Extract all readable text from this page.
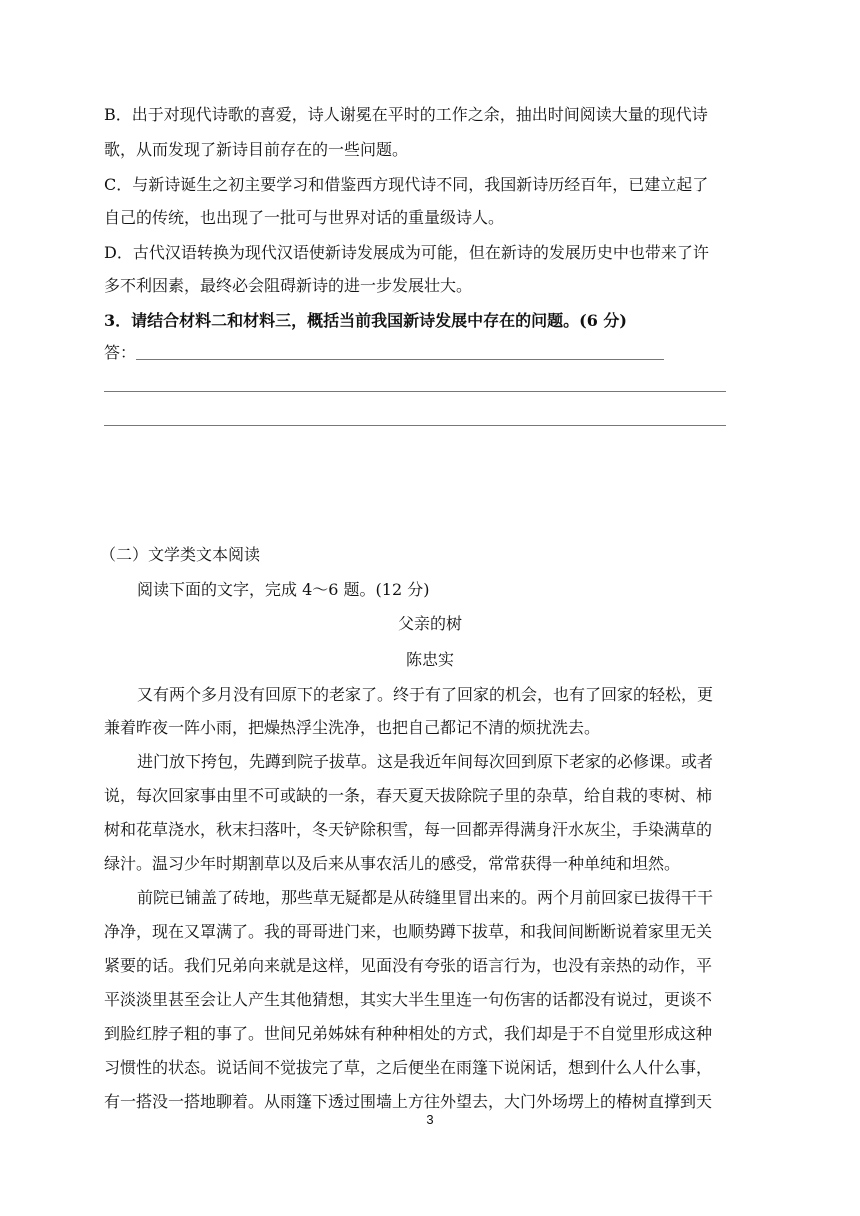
B．出于对现代诗歌的喜爱，诗人谢冕在平时的工作之余，抽出时间阅读大量的现代诗
歌，从而发现了新诗目前存在的一些问题。
C．与新诗诞生之初主要学习和借鉴西方现代诗不同，我国新诗历经百年，已建立起了
自己的传统，也出现了一批可与世界对话的重量级诗人。
D．古代汉语转换为现代汉语使新诗发展成为可能，但在新诗的发展历史中也带来了许
多不利因素，最终必会阻碍新诗的进一步发展壮大。
3．请结合材料二和材料三，概括当前我国新诗发展中存在的问题。(6 分)
答：
（二）文学类文本阅读
阅读下面的文字，完成 4～6 题。(12 分)
父亲的树
陈忠实
又有两个多月没有回原下的老家了。终于有了回家的机会，也有了回家的轻松，更
兼着昨夜一阵小雨，把燥热浮尘洗净，也把自己都记不清的烦扰洗去。
进门放下挎包，先蹲到院子拔草。这是我近年间每次回到原下老家的必修课。或者
说，每次回家事由里不可或缺的一条，春天夏天拔除院子里的杂草，给自栽的枣树、柿
树和花草浇水，秋末扫落叶，冬天铲除积雪，每一回都弄得满身汗水灰尘，手染满草的
绿汁。温习少年时期割草以及后来从事农活儿的感受，常常获得一种单纯和坦然。
前院已铺盖了砖地，那些草无疑都是从砖缝里冒出来的。两个月前回家已拔得干干
净净，现在又罩满了。我的哥哥进门来，也顺势蹲下拔草，和我间间断断说着家里无关
紧要的话。我们兄弟向来就是这样，见面没有夸张的语言行为，也没有亲热的动作，平
平淡淡里甚至会让人产生其他猜想，其实大半生里连一句伤害的话都没有说过，更谈不
到脸红脖子粗的事了。世间兄弟姊妹有种种相处的方式，我们却是于不自觉里形成这种
习惯性的状态。说话间不觉拔完了草，之后便坐在雨篷下说闲话，想到什么人什么事，
有一搭没一搭地聊着。从雨篷下透过围墙上方往外望去，大门外场塄上的椿树直撑到天
3
